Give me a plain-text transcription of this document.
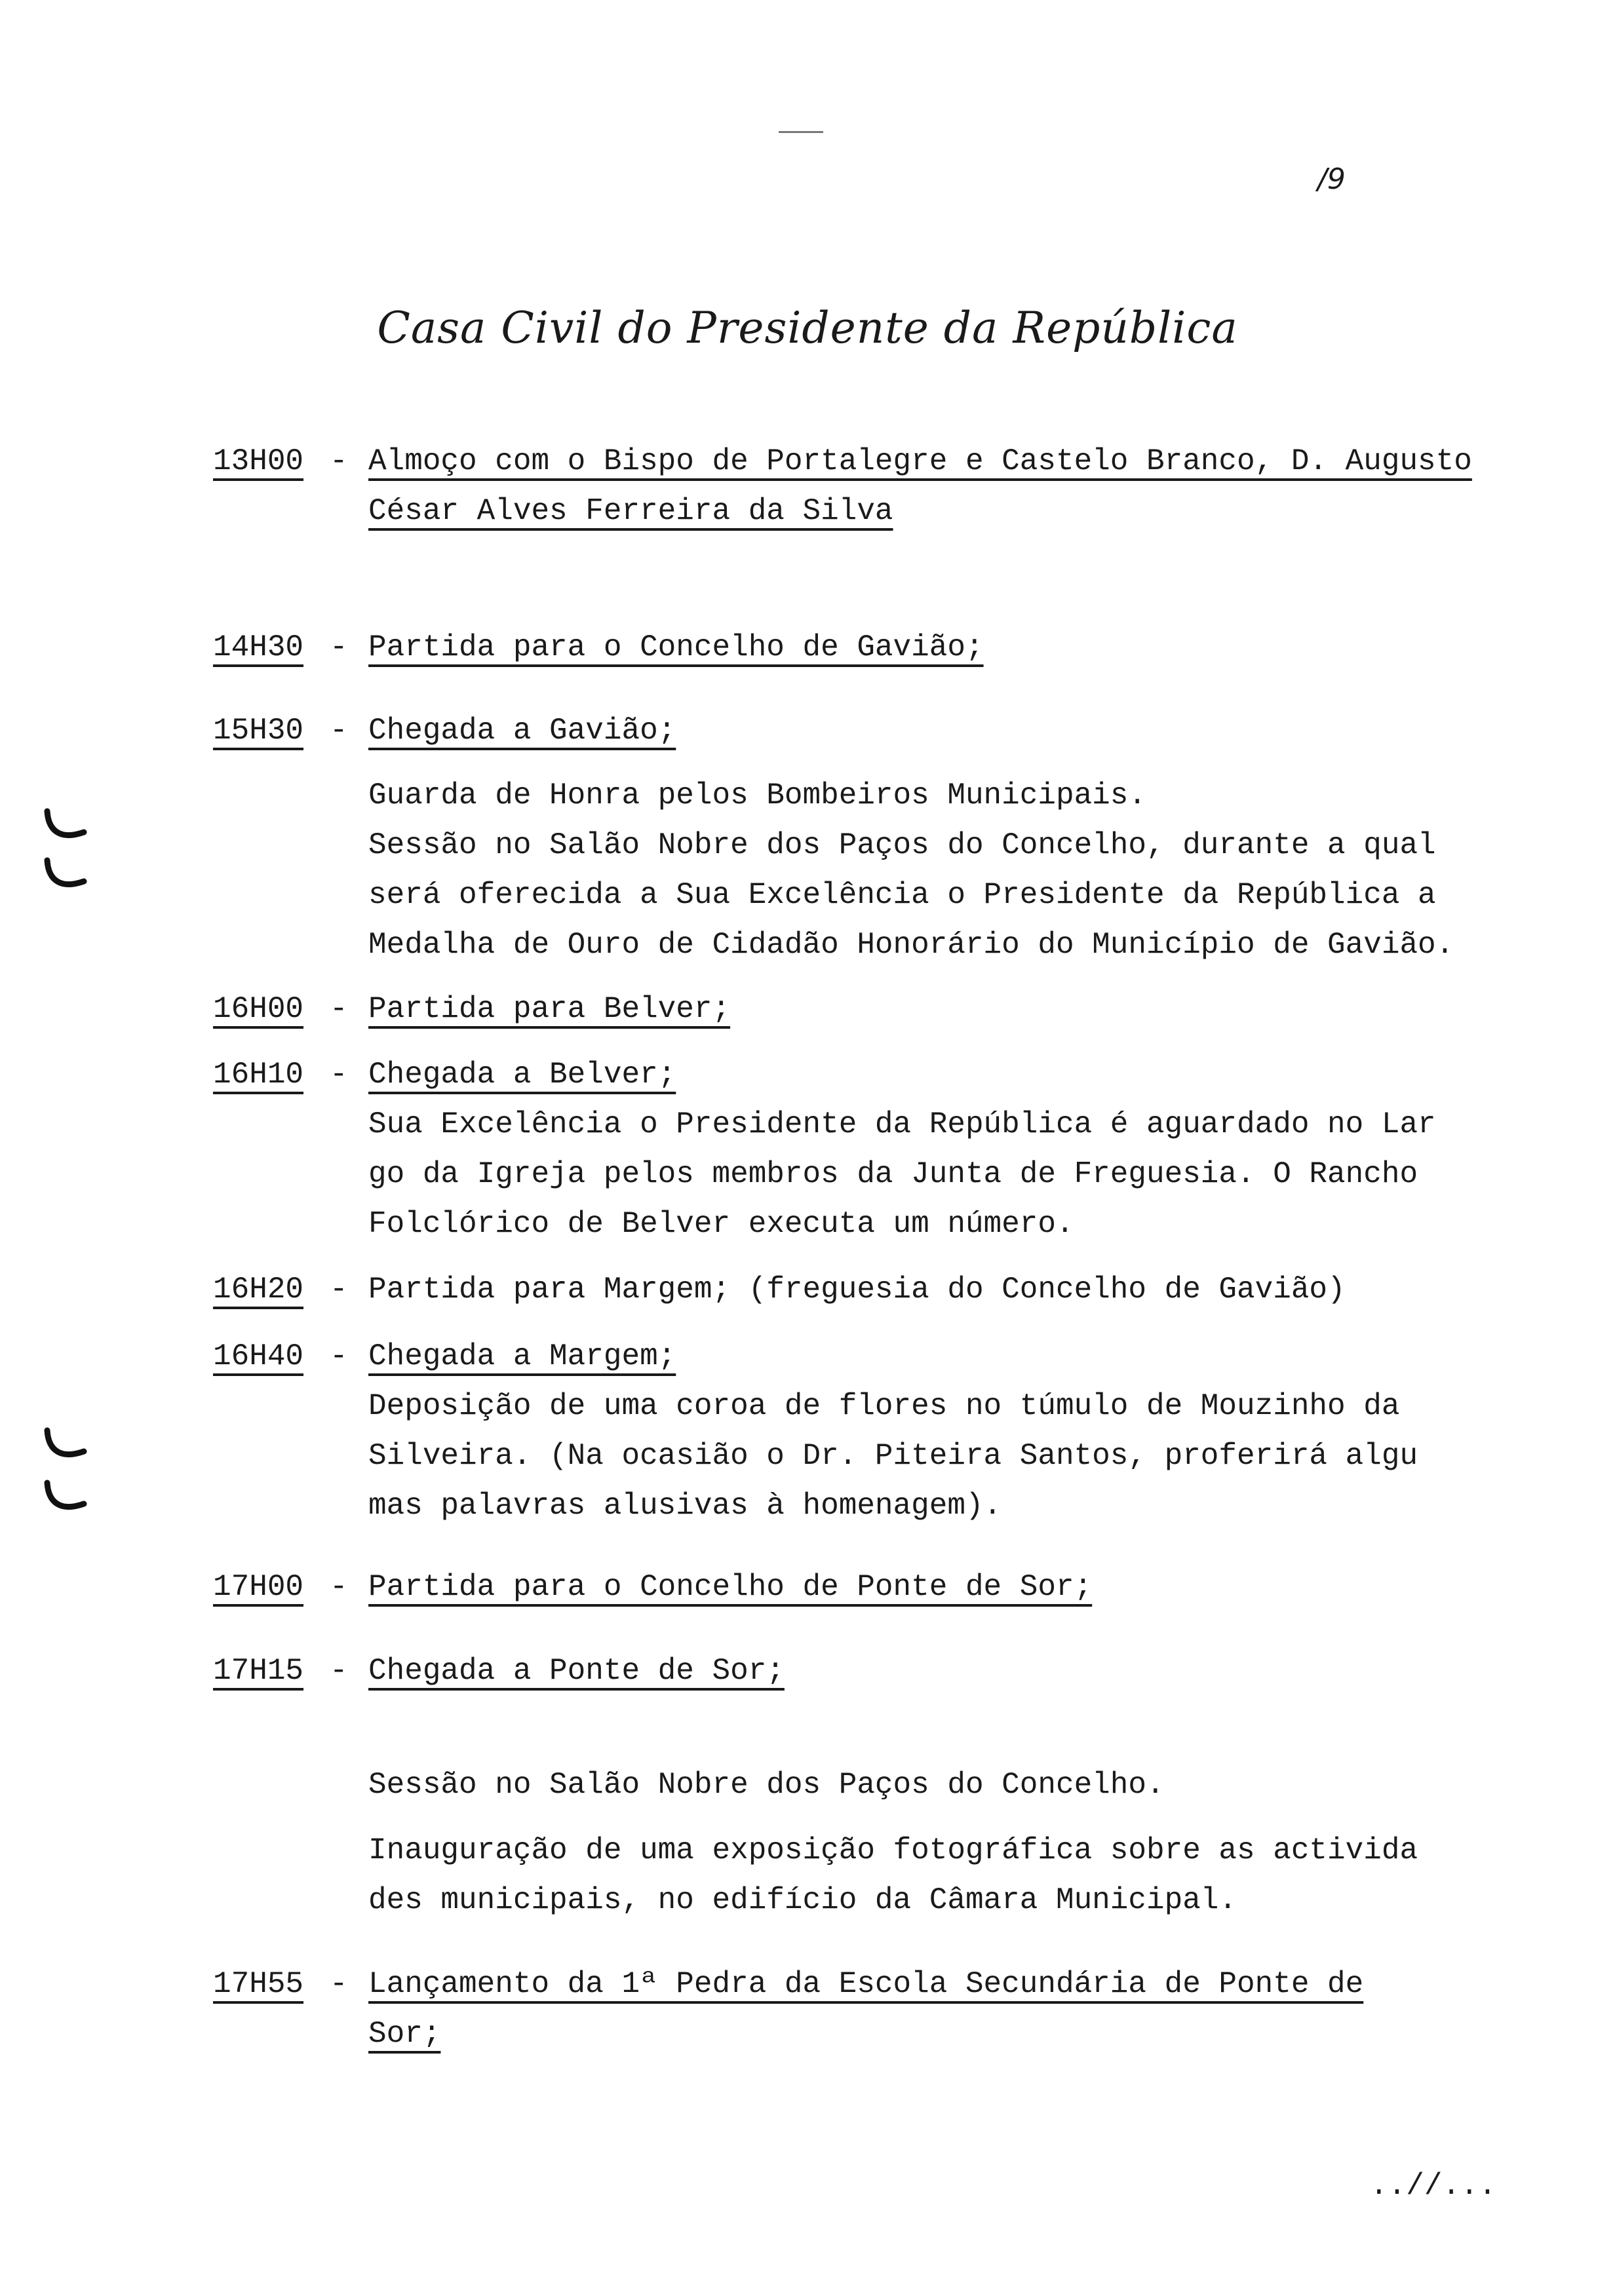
/9
Casa Civil do Presidente da República
13H00 - Almoço com o Bispo de Portalegre e Castelo Branco, D. Augusto
César Alves Ferreira da Silva
14H30 - Partida para o Concelho de Gavião;
15H30 - Chegada a Gavião;
Guarda de Honra pelos Bombeiros Municipais.
Sessão no Salão Nobre dos Paços do Concelho, durante a qual
será oferecida a Sua Excelência o Presidente da República a
Medalha de Ouro de Cidadão Honorário do Município de Gavião.
16H00 - Partida para Belver;
16H10 - Chegada a Belver;
Sua Excelência o Presidente da República é aguardado no Lar
go da Igreja pelos membros da Junta de Freguesia. O Rancho
Folclórico de Belver executa um número.
16H20 - Partida para Margem; (freguesia do Concelho de Gavião)
16H40 - Chegada a Margem;
Deposição de uma coroa de flores no túmulo de Mouzinho da
Silveira. (Na ocasião o Dr. Piteira Santos, proferirá algu
mas palavras alusivas à homenagem).
17H00 - Partida para o Concelho de Ponte de Sor;
17H15 - Chegada a Ponte de Sor;
Sessão no Salão Nobre dos Paços do Concelho.
Inauguração de uma exposição fotográfica sobre as activida
des municipais, no edifício da Câmara Municipal.
17H55 - Lançamento da 1ª Pedra da Escola Secundária de Ponte de
Sor;
..//...
